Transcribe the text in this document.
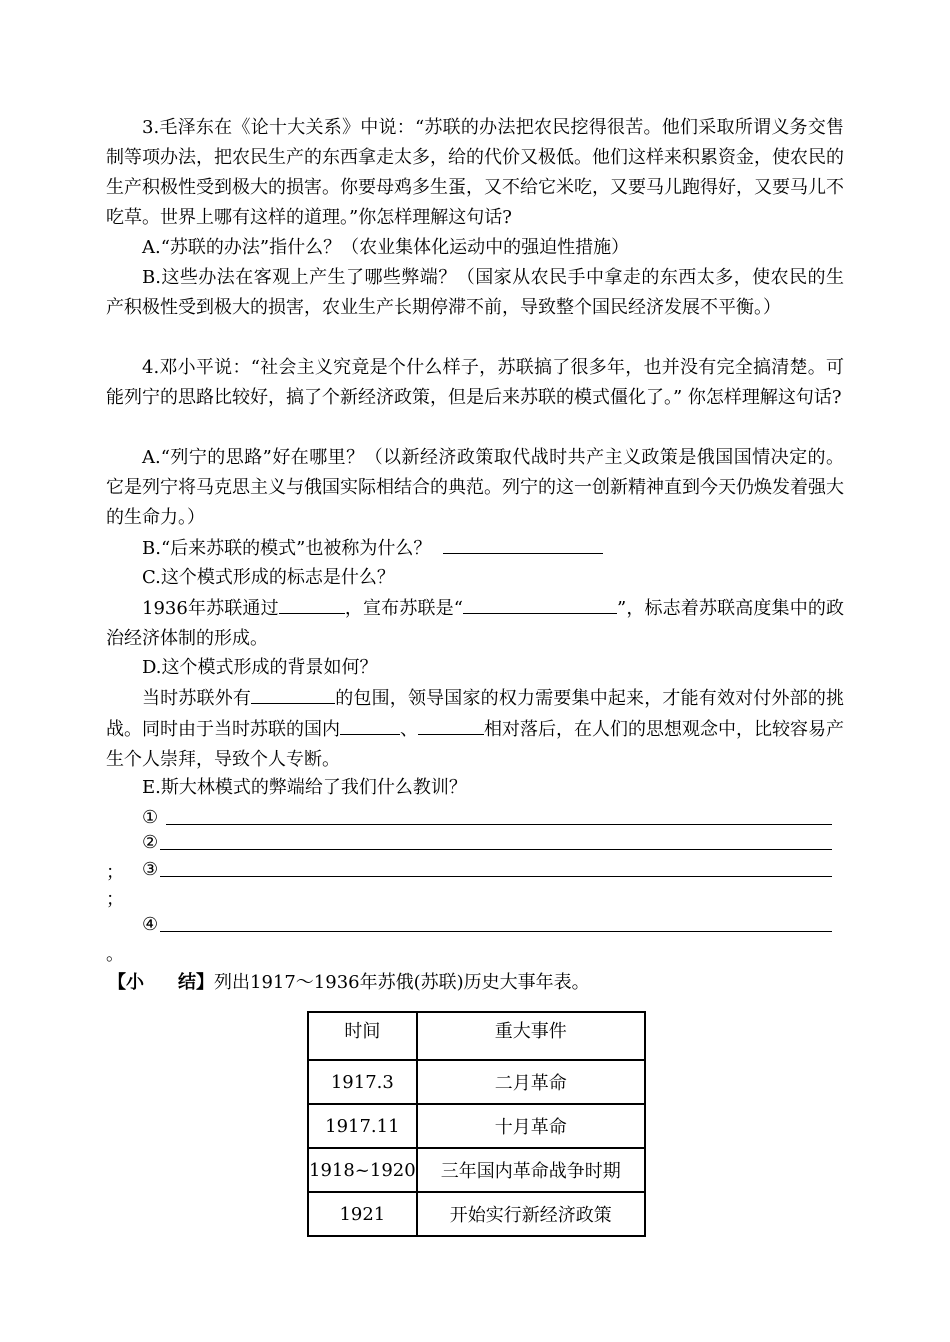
3.毛泽东在《论十大关系》中说：“苏联的办法把农民挖得很苦。他们采取所谓义务交售制等项办法，把农民生产的东西拿走太多，给的代价又极低。他们这样来积累资金，使农民的生产积极性受到极大的损害。你要母鸡多生蛋，又不给它米吃，又要马儿跑得好，又要马儿不吃草。世界上哪有这样的道理。”你怎样理解这句话?

A.“苏联的办法”指什么？（农业集体化运动中的强迫性措施）

B.这些办法在客观上产生了哪些弊端？（国家从农民手中拿走的东西太多，使农民的生产积极性受到极大的损害，农业生产长期停滞不前，导致整个国民经济发展不平衡。）

4.邓小平说：“社会主义究竟是个什么样子，苏联搞了很多年，也并没有完全搞清楚。可能列宁的思路比较好，搞了个新经济政策，但是后来苏联的模式僵化了。” 你怎样理解这句话?

A.“列宁的思路”好在哪里？（以新经济政策取代战时共产主义政策是俄国国情决定的。它是列宁将马克思主义与俄国实际相结合的典范。列宁的这一创新精神直到今天仍焕发着强大的生命力。）

B.“后来苏联的模式”也被称为什么？

C.这个模式形成的标志是什么？

1936年苏联通过	，宣布苏联是“	”，标志着苏联高度集中的政治经济体制的形成。

D.这个模式形成的背景如何？

当时苏联外有	的包围，领导国家的权力需要集中起来，才能有效对付外部的挑战。同时由于当时苏联的国内	、	相对落后，在人们的思想观念中，比较容易产生个人崇拜，导致个人专断。

E.斯大林模式的弊端给了我们什么教训？

①
②
； ③
；
④
。
【小 结】列出1917～1936年苏俄(苏联)历史大事年表。
时间	重大事件
1917.3	二月革命
1917.11	十月革命
1918~1920	三年国内革命战争时期
1921	开始实行新经济政策
